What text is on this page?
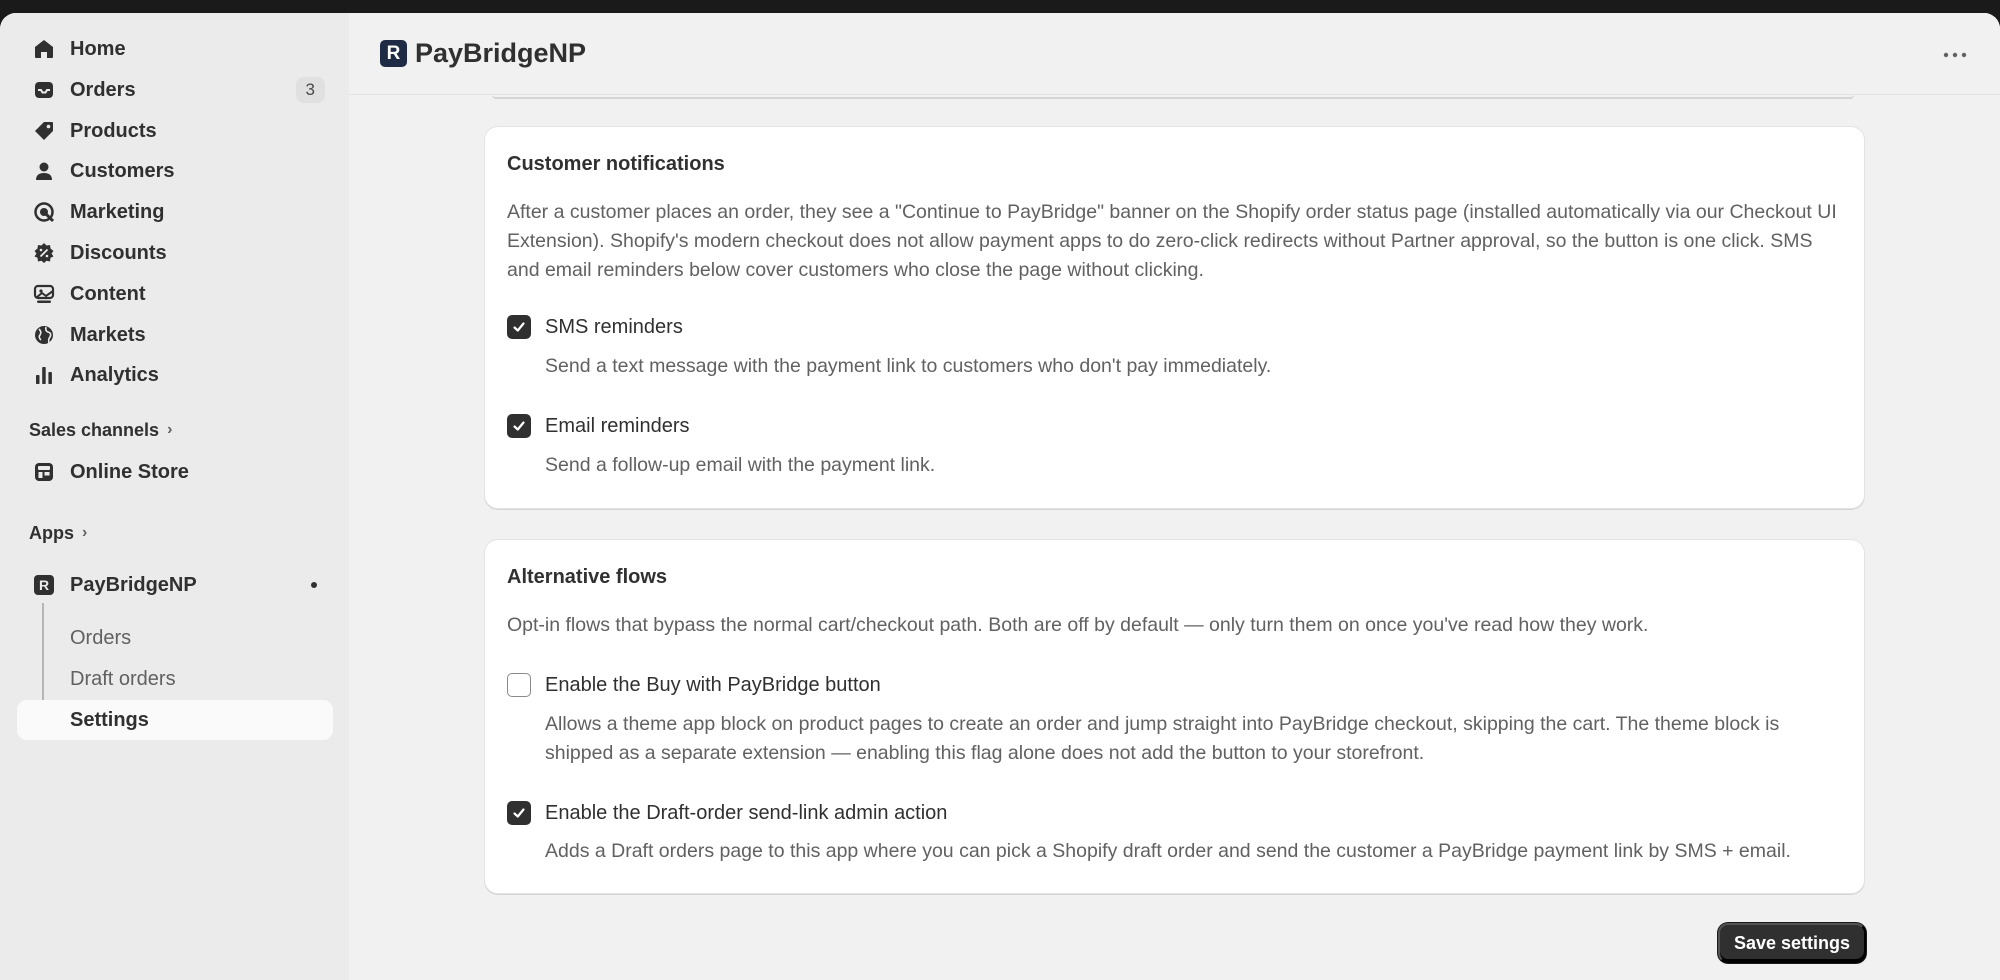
Home
Orders	3
Products
Customers
Marketing
Discounts
Content
Markets
Analytics
Sales channels ›
Online Store
Apps ›
R PayBridgeNP
Orders
Draft orders
Settings
R PayBridgeNP
Customer notifications

After a customer places an order, they see a "Continue to PayBridge" banner on the Shopify order status page (installed automatically via our Checkout UI Extension). Shopify's modern checkout does not allow payment apps to do zero-click redirects without Partner approval, so the button is one click. SMS and email reminders below cover customers who close the page without clicking.

SMS reminders

Send a text message with the payment link to customers who don't pay immediately.

Email reminders

Send a follow-up email with the payment link.

Alternative flows

Opt-in flows that bypass the normal cart/checkout path. Both are off by default — only turn them on once you've read how they work.

Enable the Buy with PayBridge button

Allows a theme app block on product pages to create an order and jump straight into PayBridge checkout, skipping the cart. The theme block is shipped as a separate extension — enabling this flag alone does not add the button to your storefront.

Enable the Draft-order send-link admin action

Adds a Draft orders page to this app where you can pick a Shopify draft order and send the customer a PayBridge payment link by SMS + email.

Save settings
